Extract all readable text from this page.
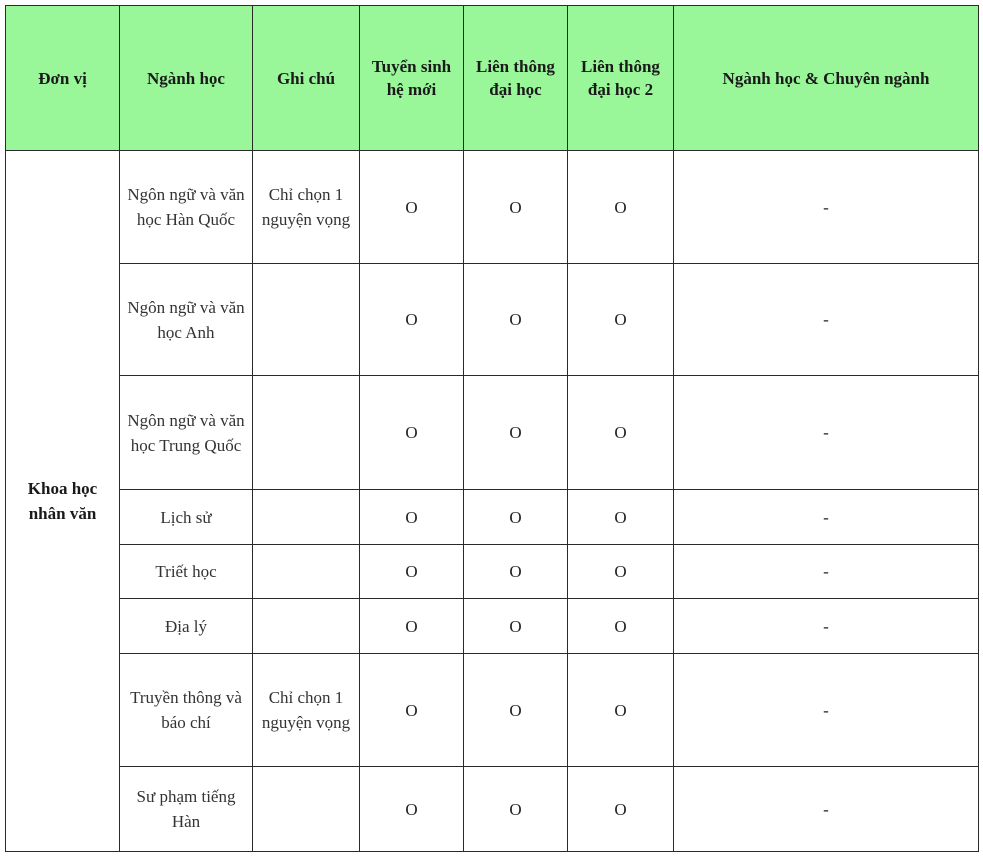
Đơn vị	Ngành học	Ghi chú	Tuyển sinh hệ mới	Liên thông đại học	Liên thông đại học 2	Ngành học & Chuyên ngành
Khoa học nhân văn	Ngôn ngữ và văn học Hàn Quốc	Chỉ chọn 1 nguyện vọng	O	O	O	-
	Ngôn ngữ và văn học Anh		O	O	O	-
	Ngôn ngữ và văn học Trung Quốc		O	O	O	-
	Lịch sử		O	O	O	-
	Triết học		O	O	O	-
	Địa lý		O	O	O	-
	Truyền thông và báo chí	Chỉ chọn 1 nguyện vọng	O	O	O	-
	Sư phạm tiếng Hàn		O	O	O	-
